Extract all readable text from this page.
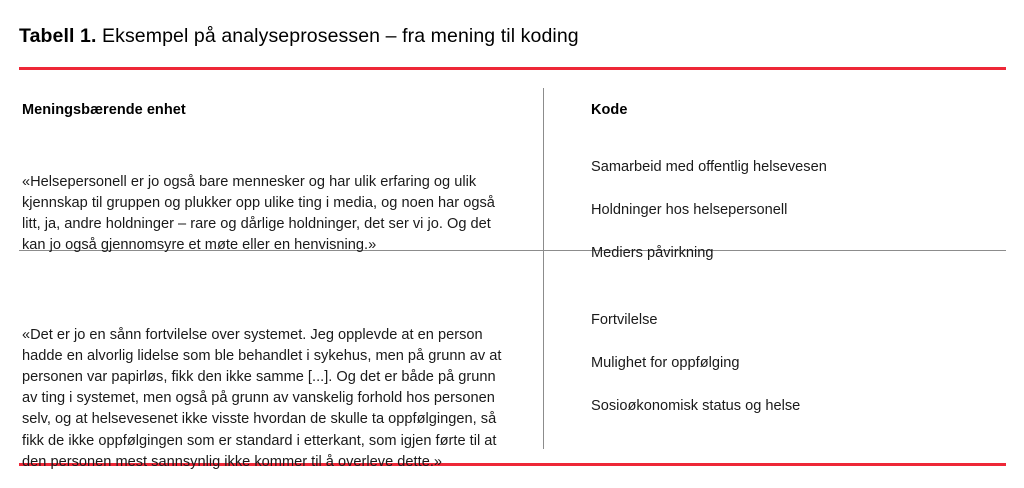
Tabell 1. Eksempel på analyseprosessen – fra mening til koding
Meningsbærende enhet	Kode

«Helsepersonell er jo også bare mennesker og har ulik erfaring og ulik kjennskap til gruppen og plukker opp ulike ting i media, og noen har også litt, ja, andre holdninger – rare og dårlige holdninger, det ser vi jo. Og det kan jo også gjennomsyre et møte eller en henvisning.»

Samarbeid med offentlig helsevesen

Holdninger hos helsepersonell

Mediers påvirkning

«Det er jo en sånn fortvilelse over systemet. Jeg opplevde at en person hadde en alvorlig lidelse som ble behandlet i sykehus, men på grunn av at personen var papirløs, fikk den ikke samme [...]. Og det er både på grunn av ting i systemet, men også på grunn av vanskelig forhold hos personen selv, og at helsevesenet ikke visste hvordan de skulle ta oppfølgingen, så fikk de ikke oppfølgingen som er standard i etterkant, som igjen førte til at den personen mest sannsynlig ikke kommer til å overleve dette.»

Fortvilelse

Mulighet for oppfølging

Sosioøkonomisk status og helse
